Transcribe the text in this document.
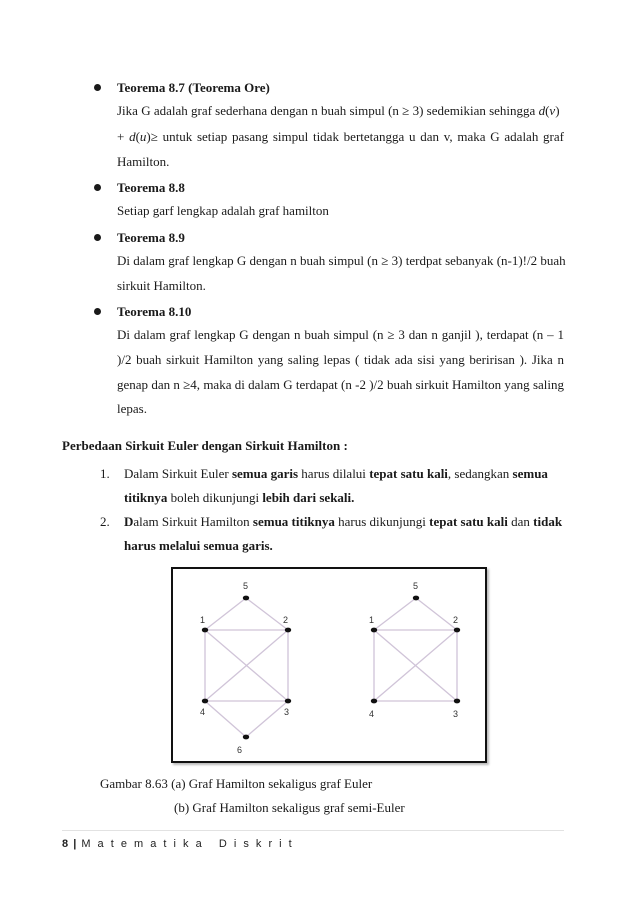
Teorema 8.7 (Teorema Ore)
Jika G adalah graf sederhana dengan n buah simpul (n ≥ 3) sedemikian sehingga d(v)
+ d(u)≥ untuk setiap pasang simpul tidak bertetangga u dan v, maka G adalah graf
Hamilton.
Teorema 8.8
Setiap garf lengkap adalah graf hamilton
Teorema 8.9
Di dalam graf lengkap G dengan n buah simpul (n ≥ 3) terdpat sebanyak (n-1)!/2 buah
sirkuit Hamilton.
Teorema 8.10
Di dalam graf lengkap G dengan n buah simpul (n ≥ 3 dan n ganjil ), terdapat (n – 1
)/2 buah sirkuit Hamilton yang saling lepas ( tidak ada sisi yang beririsan ). Jika n
genap dan n ≥4, maka di dalam G terdapat (n -2 )/2 buah sirkuit Hamilton yang saling
lepas.
Perbedaan Sirkuit Euler dengan Sirkuit Hamilton :
1. Dalam Sirkuit Euler semua garis harus dilalui tepat satu kali, sedangkan semua
titiknya boleh dikunjungi lebih dari sekali.
2. Dalam Sirkuit Hamilton semua titiknya harus dikunjungi tepat satu kali dan tidak
harus melalui semua garis.
5
1	2
4	3
6
5
1	2
4	3
Gambar 8.63 (a) Graf Hamilton sekaligus graf Euler
(b) Graf Hamilton sekaligus graf semi-Euler
8 | M a t e m a t i k a   D i s k r i t
